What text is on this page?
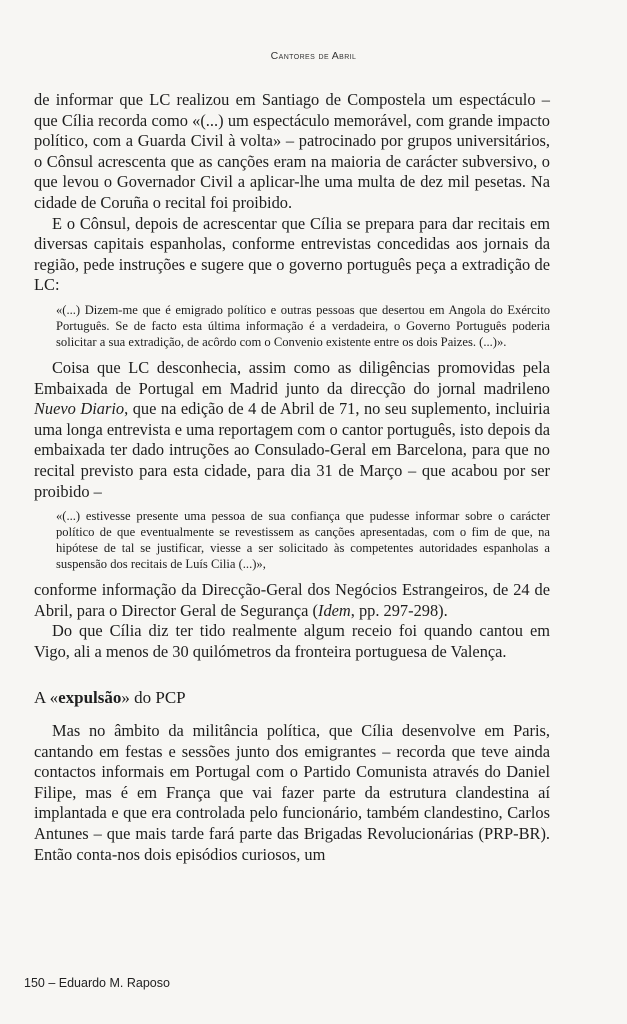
Cantores de Abril

de informar que LC realizou em Santiago de Compostela um espectáculo – que Cília recorda como «(...) um espectáculo memorável, com grande impacto político, com a Guarda Civil à volta» – patrocinado por grupos universitários, o Cônsul acrescenta que as canções eram na maioria de carácter subversivo, o que levou o Governador Civil a aplicar-lhe uma multa de dez mil pesetas. Na cidade de Coruña o recital foi proibido.

E o Cônsul, depois de acrescentar que Cília se prepara para dar recitais em diversas capitais espanholas, conforme entrevistas concedidas aos jornais da região, pede instruções e sugere que o governo português peça a extradição de LC:

«(...) Dizem-me que é emigrado político e outras pessoas que desertou em Angola do Exército Português. Se de facto esta última informação é a verdadeira, o Governo Português poderia solicitar a sua extradição, de acôrdo com o Convenio existente entre os dois Paizes. (...)».

Coisa que LC desconhecia, assim como as diligências promovidas pela Embaixada de Portugal em Madrid junto da direcção do jornal madrileno Nuevo Diario, que na edição de 4 de Abril de 71, no seu suplemento, incluiria uma longa entrevista e uma reportagem com o cantor português, isto depois da embaixada ter dado intruções ao Consulado-Geral em Barcelona, para que no recital previsto para esta cidade, para dia 31 de Março – que acabou por ser proibido –

«(...) estivesse presente uma pessoa de sua confiança que pudesse informar sobre o carácter político de que eventualmente se revestissem as canções apresentadas, com o fim de que, na hipótese de tal se justificar, viesse a ser solicitado às competentes autoridades espanholas a suspensão dos recitais de Luís Cilia (...)»,

conforme informação da Direcção-Geral dos Negócios Estrangeiros, de 24 de Abril, para o Director Geral de Segurança (Idem, pp. 297-298).

Do que Cília diz ter tido realmente algum receio foi quando cantou em Vigo, ali a menos de 30 quilómetros da fronteira portuguesa de Valença.

A «expulsão» do PCP

Mas no âmbito da militância política, que Cília desenvolve em Paris, cantando em festas e sessões junto dos emigrantes – recorda que teve ainda contactos informais em Portugal com o Partido Comunista através do Daniel Filipe, mas é em França que vai fazer parte da estrutura clandestina aí implantada e que era controlada pelo funcionário, também clandestino, Carlos Antunes – que mais tarde fará parte das Brigadas Revolucionárias (PRP-BR). Então conta-nos dois episódios curiosos, um

150 – Eduardo M. Raposo
